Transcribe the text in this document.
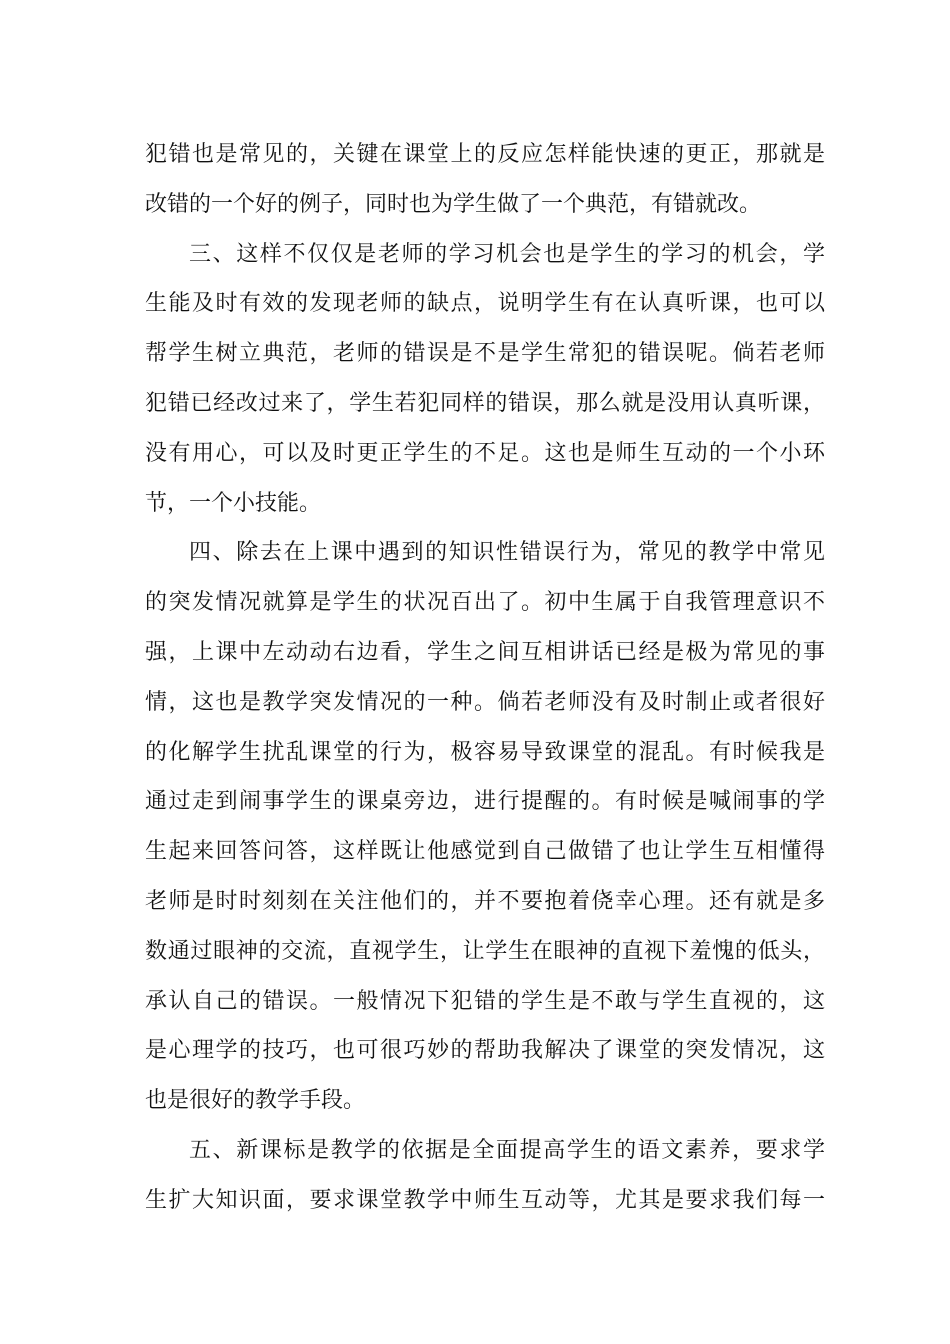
犯错也是常见的，关键在课堂上的反应怎样能快速的更正，那就是
改错的一个好的例子，同时也为学生做了一个典范，有错就改。
三、这样不仅仅是老师的学习机会也是学生的学习的机会，学
生能及时有效的发现老师的缺点，说明学生有在认真听课，也可以
帮学生树立典范，老师的错误是不是学生常犯的错误呢。倘若老师
犯错已经改过来了，学生若犯同样的错误，那么就是没用认真听课，
没有用心，可以及时更正学生的不足。这也是师生互动的一个小环
节，一个小技能。
四、除去在上课中遇到的知识性错误行为，常见的教学中常见
的突发情况就算是学生的状况百出了。初中生属于自我管理意识不
强，上课中左动动右边看，学生之间互相讲话已经是极为常见的事
情，这也是教学突发情况的一种。倘若老师没有及时制止或者很好
的化解学生扰乱课堂的行为，极容易导致课堂的混乱。有时候我是
通过走到闹事学生的课桌旁边，进行提醒的。有时候是喊闹事的学
生起来回答问答，这样既让他感觉到自己做错了也让学生互相懂得
老师是时时刻刻在关注他们的，并不要抱着侥幸心理。还有就是多
数通过眼神的交流，直视学生，让学生在眼神的直视下羞愧的低头，
承认自己的错误。一般情况下犯错的学生是不敢与学生直视的，这
是心理学的技巧，也可很巧妙的帮助我解决了课堂的突发情况，这
也是很好的教学手段。
五、新课标是教学的依据是全面提高学生的语文素养，要求学
生扩大知识面，要求课堂教学中师生互动等，尤其是要求我们每一
